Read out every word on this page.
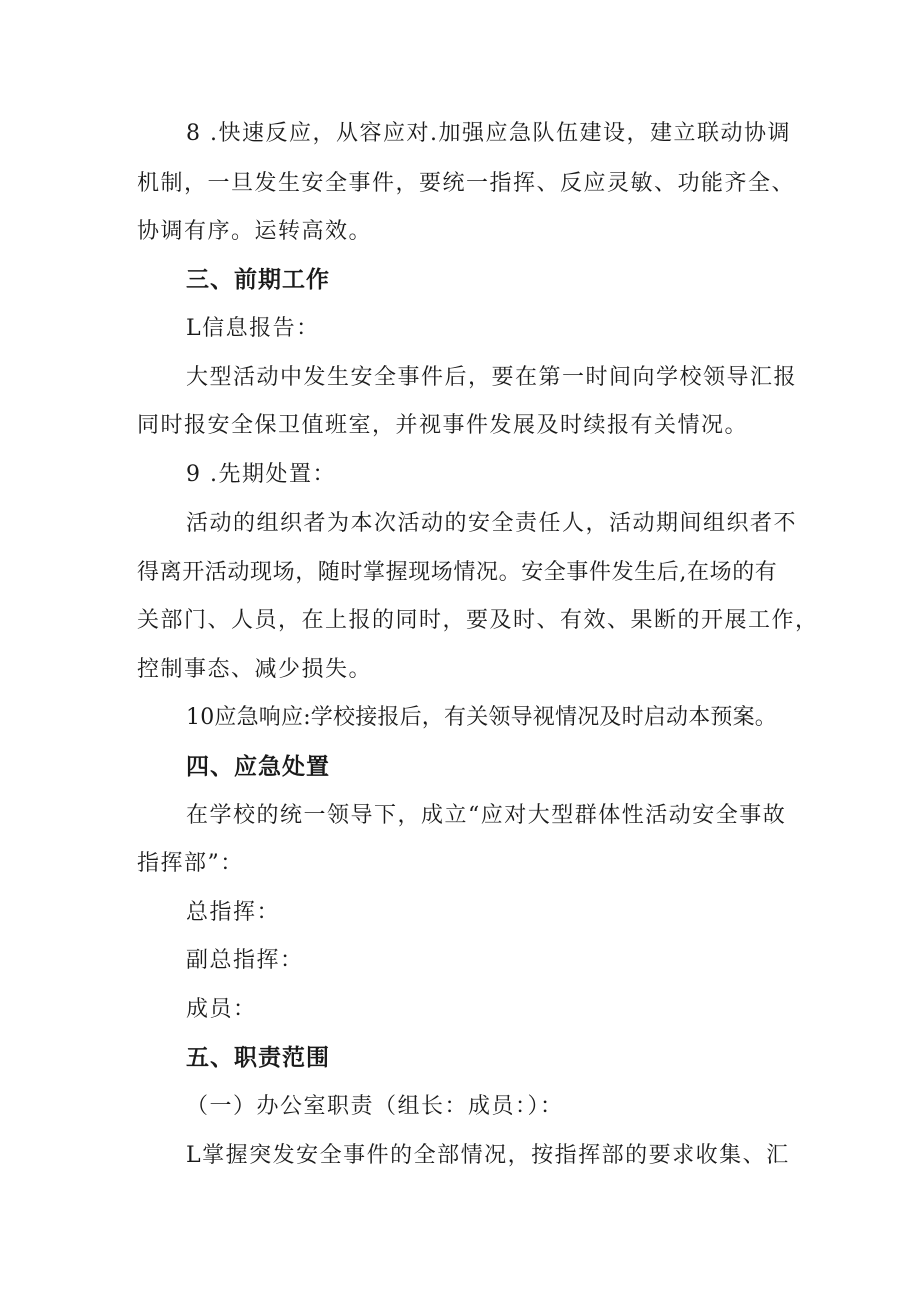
8 .快速反应，从容应对.加强应急队伍建设，建立联动协调
机制，一旦发生安全事件，要统一指挥、反应灵敏、功能齐全、
协调有序。运转高效。
三、前期工作
L信息报告：
大型活动中发生安全事件后，要在第一时间向学校领导汇报
同时报安全保卫值班室，并视事件发展及时续报有关情况。
9 .先期处置：
活动的组织者为本次活动的安全责任人，活动期间组织者不
得离开活动现场，随时掌握现场情况。安全事件发生后,在场的有
关部门、人员，在上报的同时，要及时、有效、果断的开展工作，
控制事态、减少损失。
10应急响应:学校接报后，有关领导视情况及时启动本预案。
四、应急处置
在学校的统一领导下，成立“应对大型群体性活动安全事故
指挥部”：
总指挥：
副总指挥：
成员：
五、职责范围
（一）办公室职责（组长：成员：）：
L掌握突发安全事件的全部情况，按指挥部的要求收集、汇
